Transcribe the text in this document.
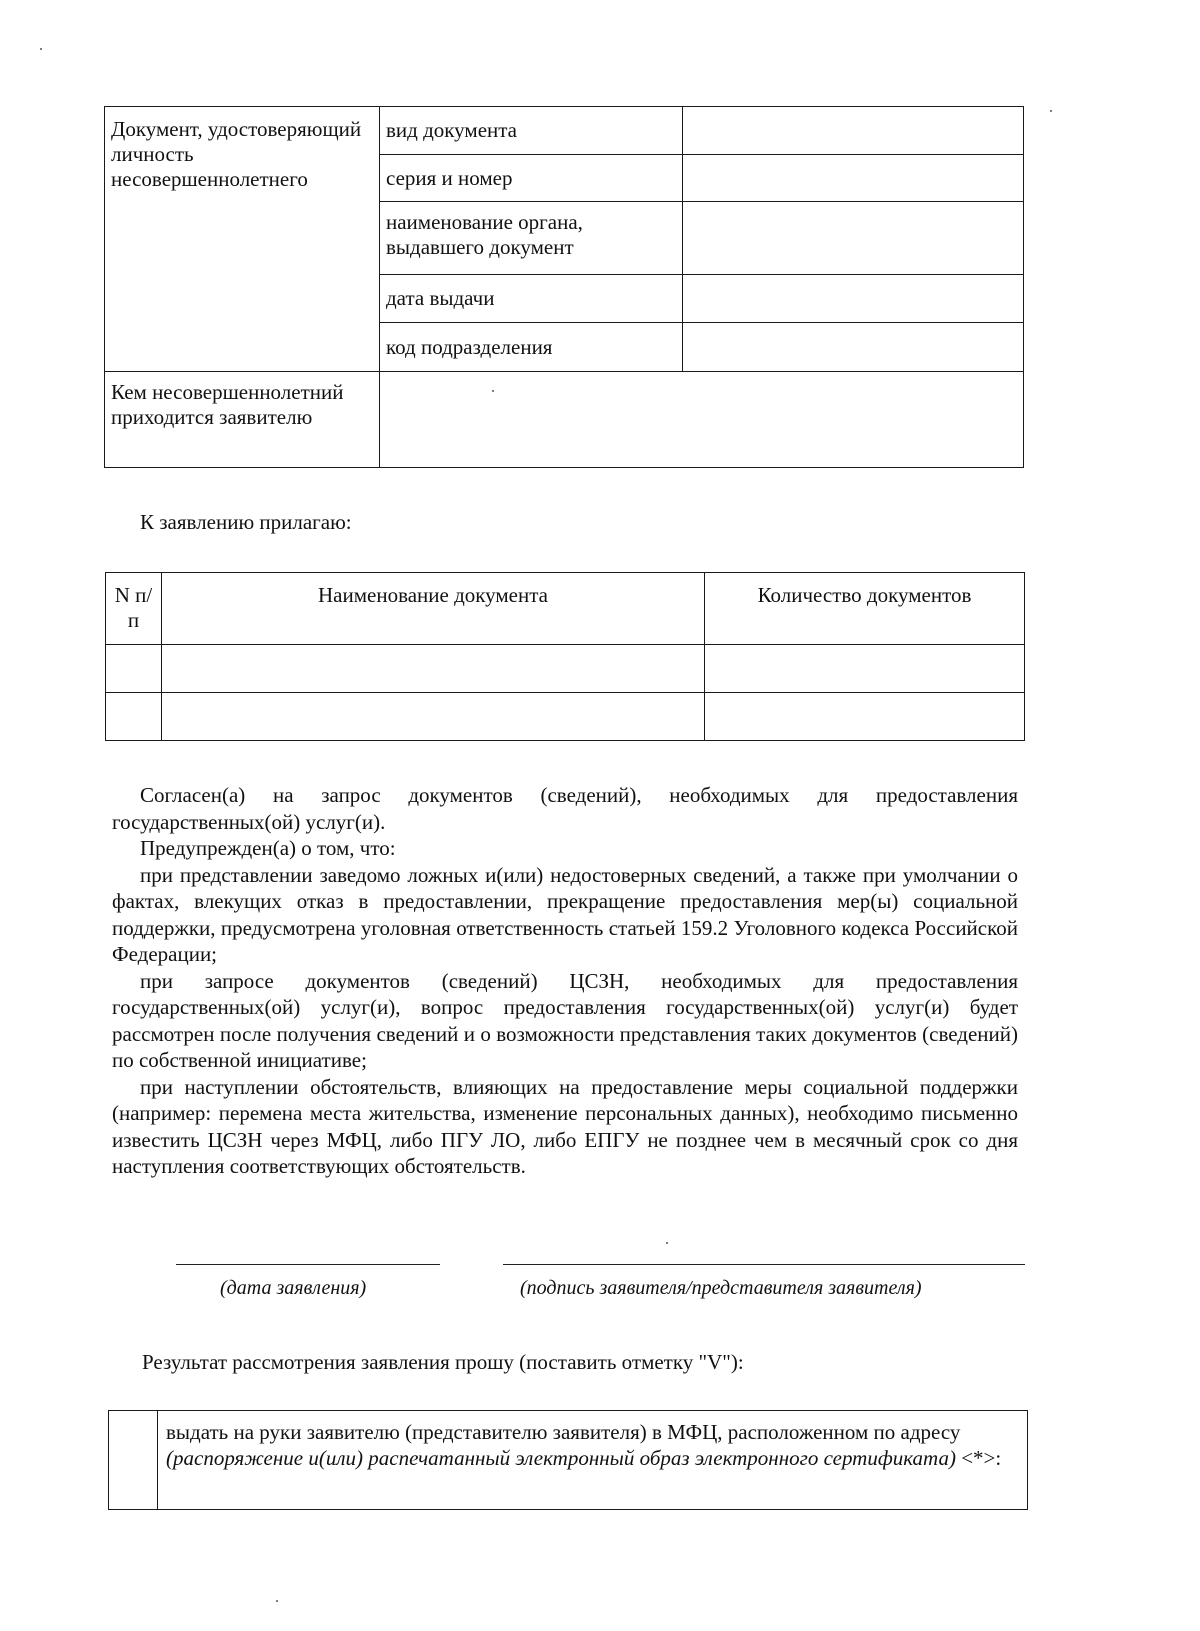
Документ, удостоверяющий личность несовершеннолетнего	вид документа	
	серия и номер	
	наименование органа, выдавшего документ	
	дата выдачи	
	код подразделения	
Кем несовершеннолетний приходится заявителю		
К заявлению прилагаю:
N п/п	Наименование документа	Количество документов

Согласен(а) на запрос документов (сведений), необходимых для предоставления государственных(ой) услуг(и).

Предупрежден(а) о том, что:

при представлении заведомо ложных и(или) недостоверных сведений, а также при умолчании о фактах, влекущих отказ в предоставлении, прекращение предоставления мер(ы) социальной поддержки, предусмотрена уголовная ответственность статьей 159.2 Уголовного кодекса Российской Федерации;

при запросе документов (сведений) ЦСЗН, необходимых для предоставления государственных(ой) услуг(и), вопрос предоставления государственных(ой) услуг(и) будет рассмотрен после получения сведений и о возможности представления таких документов (сведений) по собственной инициативе;

при наступлении обстоятельств, влияющих на предоставление меры социальной поддержки (например: перемена места жительства, изменение персональных данных), необходимо письменно известить ЦСЗН через МФЦ, либо ПГУ ЛО, либо ЕПГУ не позднее чем в месячный срок со дня наступления соответствующих обстоятельств.

(дата заявления)	(подпись заявителя/представителя заявителя)
Результат рассмотрения заявления прошу (поставить отметку "V"):
	выдать на руки заявителю (представителю заявителя) в МФЦ, расположенном по адресу (распоряжение и(или) распечатанный электронный образ электронного сертификата) <*>:
